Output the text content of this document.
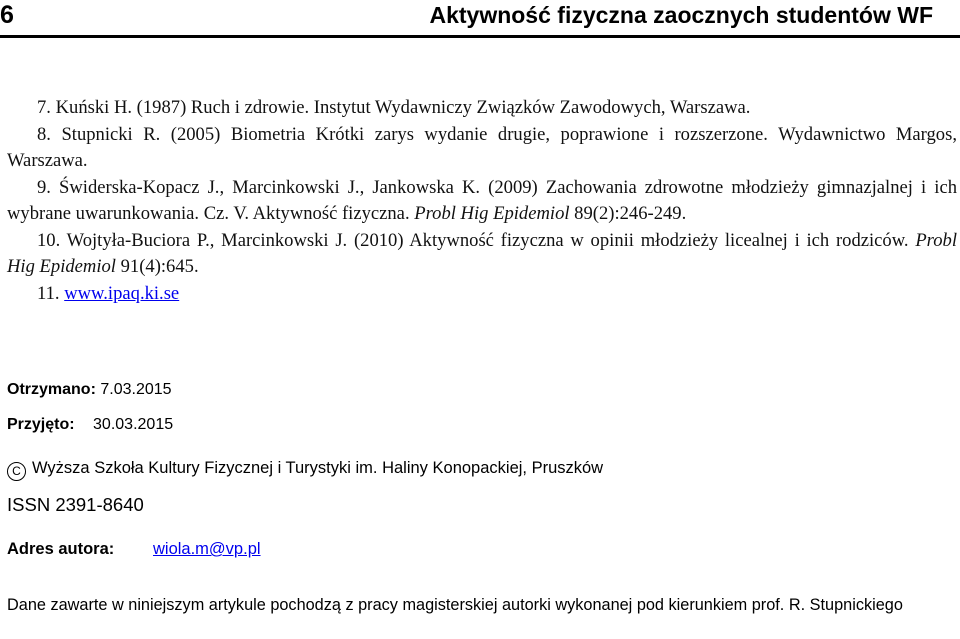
6	Aktywność fizyczna zaocznych studentów WF

7. Kuński H. (1987) Ruch i zdrowie. Instytut Wydawniczy Związków Zawodowych, Warszawa.

8. Stupnicki R. (2005) Biometria Krótki zarys wydanie drugie, poprawione i rozszerzone. Wydawnictwo Margos, Warszawa.

9. Świderska-Kopacz J., Marcinkowski J., Jankowska K. (2009) Zachowania zdrowotne młodzieży gimnazjalnej i ich wybrane uwarunkowania. Cz. V. Aktywność fizyczna. Probl Hig Epidemiol 89(2):246-249.

10. Wojtyła-Buciora P., Marcinkowski J. (2010) Aktywność fizyczna w opinii młodzieży licealnej i ich rodziców. Probl Hig Epidemiol 91(4):645.

11. www.ipaq.ki.se

Otrzymano: 7.03.2015
Przyjęto: 30.03.2015
C Wyższa Szkoła Kultury Fizycznej i Turystyki im. Haliny Konopackiej, Pruszków
ISSN 2391-8640
Adres autora: wiola.m@vp.pl
Dane zawarte w niniejszym artykule pochodzą z pracy magisterskiej autorki wykonanej pod kierunkiem prof. R. Stupnickiego
